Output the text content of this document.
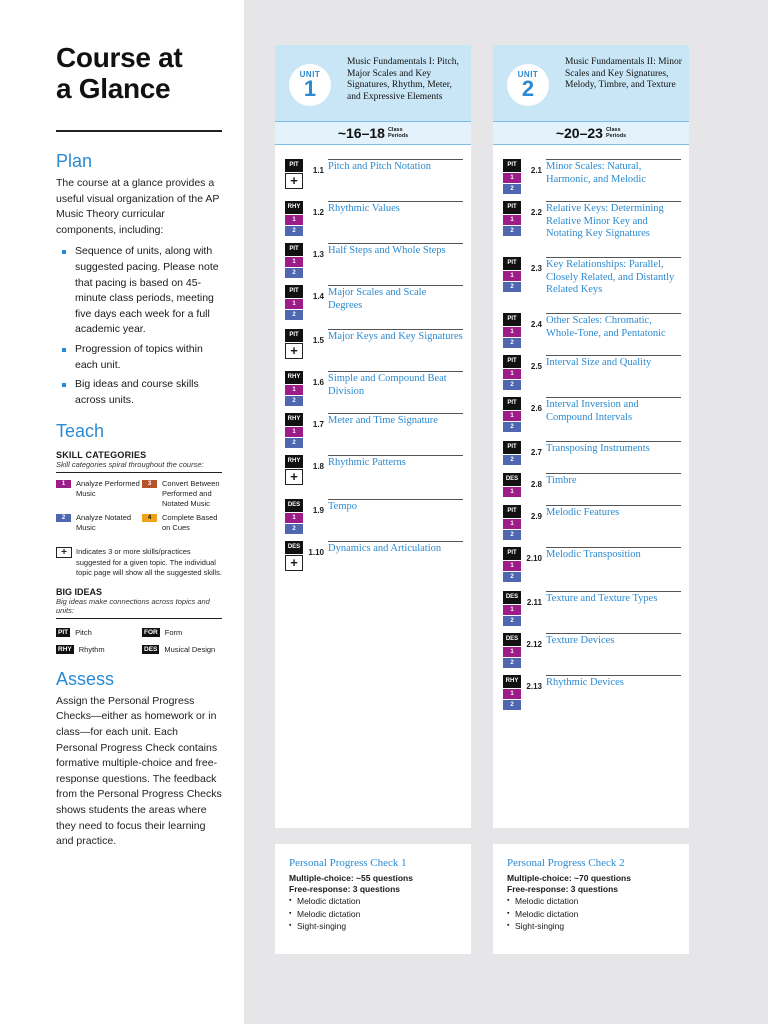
Course at
a Glance
Plan
The course at a glance provides a useful visual organization of the AP Music Theory curricular components, including:
Sequence of units, along with suggested pacing. Please note that pacing is based on 45-minute class periods, meeting five days each week for a full academic year.
Progression of topics within each unit.
Big ideas and course skills across units.
Teach
SKILL CATEGORIES
Skill categories spiral throughout the course:
1	Analyze Performed Music
3	Convert Between Performed and Notated Music
2	Analyze Notated Music
4	Complete Based on Cues
+	Indicates 3 or more skills/practices suggested for a given topic. The individual topic page will show all the suggested skills.
BIG IDEAS
Big ideas make connections across topics and units:
PIT Pitch	FOR Form
RHY Rhythm	DES Musical Design
Assess
Assign the Personal Progress Checks—either as homework or in class—for each unit. Each Personal Progress Check contains formative multiple-choice and free-response questions. The feedback from the Personal Progress Checks shows students the areas where they need to focus their learning and practice.
UNIT
1
Music Fundamentals I: Pitch, Major Scales and Key Signatures, Rhythm, Meter, and Expressive Elements
~16–18 Class
Periods
PIT
+
1.1 Pitch and Pitch Notation
RHY
1
2
1.2 Rhythmic Values
PIT
1
2
1.3 Half Steps and Whole Steps
PIT
1
2
1.4 Major Scales and Scale Degrees
PIT
+
1.5 Major Keys and Key Signatures
RHY
1
2
1.6 Simple and Compound Beat Division
RHY
1
2
1.7 Meter and Time Signature
RHY
+
1.8 Rhythmic Patterns
DES
1
2
1.9 Tempo
DES
+
1.10 Dynamics and Articulation
UNIT
2
Music Fundamentals II: Minor Scales and Key Signatures, Melody, Timbre, and Texture
~20–23 Class
Periods
PIT
1
2
2.1 Minor Scales: Natural, Harmonic, and Melodic
PIT
1
2
2.2 Relative Keys: Determining Relative Minor Key and Notating Key Signatures
PIT
1
2
2.3 Key Relationships: Parallel, Closely Related, and Distantly Related Keys
PIT
1
2
2.4 Other Scales: Chromatic, Whole-Tone, and Pentatonic
PIT
1
2
2.5 Interval Size and Quality
PIT
1
2
2.6 Interval Inversion and Compound Intervals
PIT
2
2.7 Transposing Instruments
DES
1
2.8 Timbre
PIT
1
2
2.9 Melodic Features
PIT
1
2
2.10 Melodic Transposition
DES
1
2
2.11 Texture and Texture Types
DES
1
2
2.12 Texture Devices
RHY
1
2
2.13 Rhythmic Devices
Personal Progress Check 1
Multiple-choice: ~55 questions
Free-response: 3 questions
▪ Melodic dictation
▪ Melodic dictation
▪ Sight-singing
Personal Progress Check 2
Multiple-choice: ~70 questions
Free-response: 3 questions
▪ Melodic dictation
▪ Melodic dictation
▪ Sight-singing
